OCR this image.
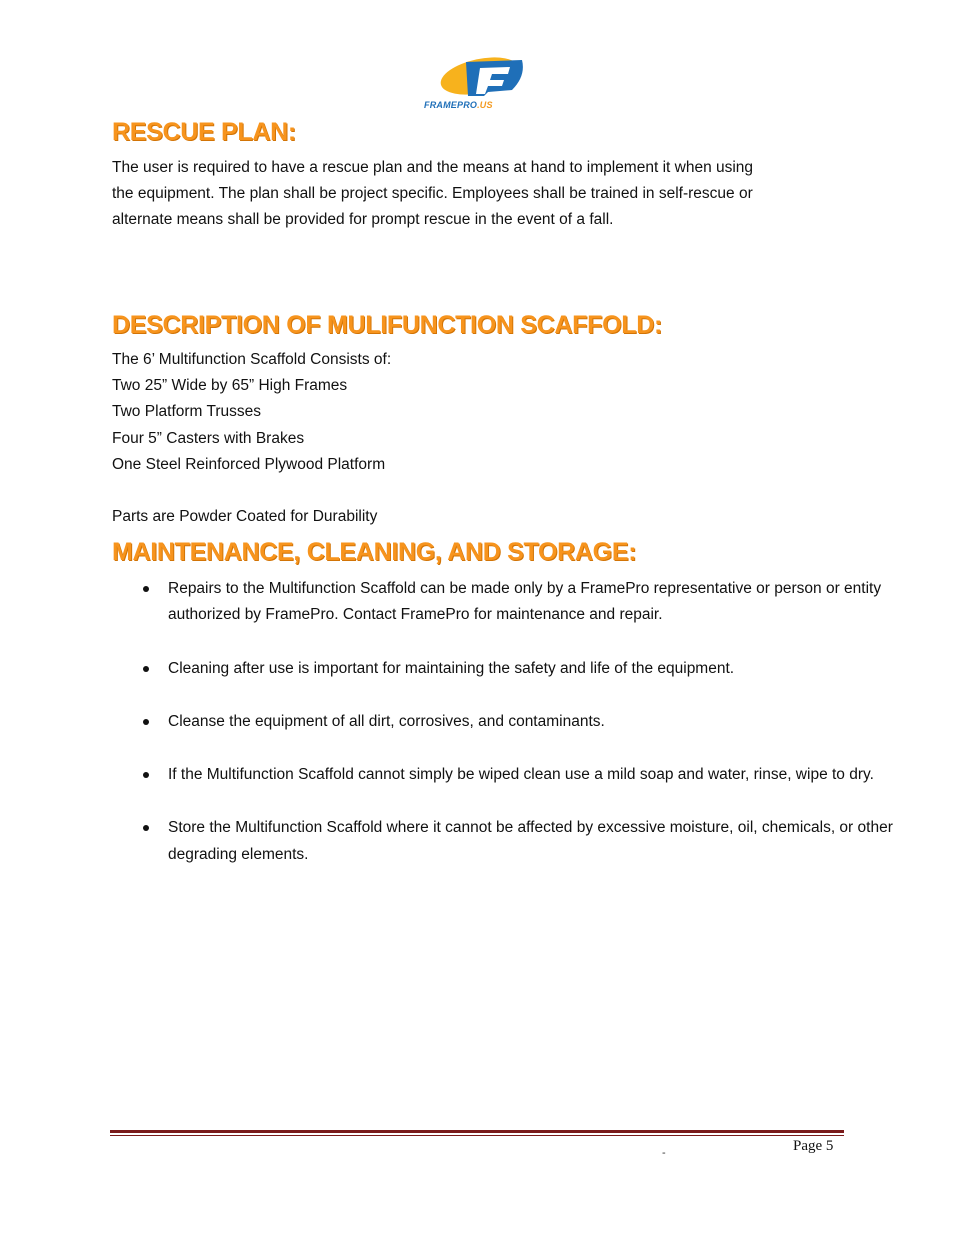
FRAMEPRO.US
RESCUE PLAN:

The user is required to have a rescue plan and the means at hand to implement it when using

the equipment. The plan shall be project specific. Employees shall be trained in self-rescue or

alternate means shall be provided for prompt rescue in the event of a fall.

DESCRIPTION OF MULIFUNCTION SCAFFOLD:

The 6’ Multifunction Scaffold Consists of:

Two 25” Wide by 65” High Frames

Two Platform Trusses

Four 5” Casters with Brakes

One Steel Reinforced Plywood Platform

Parts are Powder Coated for Durability

MAINTENANCE, CLEANING, AND STORAGE:
Repairs to the Multifunction Scaffold can be made only by a FramePro representative or person or entity authorized by FramePro. Contact FramePro for maintenance and repair.
Cleaning after use is important for maintaining the safety and life of the equipment.
Cleanse the equipment of all dirt, corrosives, and contaminants.
If the Multifunction Scaffold cannot simply be wiped clean use a mild soap and water, rinse, wipe to dry.
Store the Multifunction Scaffold where it cannot be affected by excessive moisture, oil, chemicals, or other degrading elements.
Page 5
-
